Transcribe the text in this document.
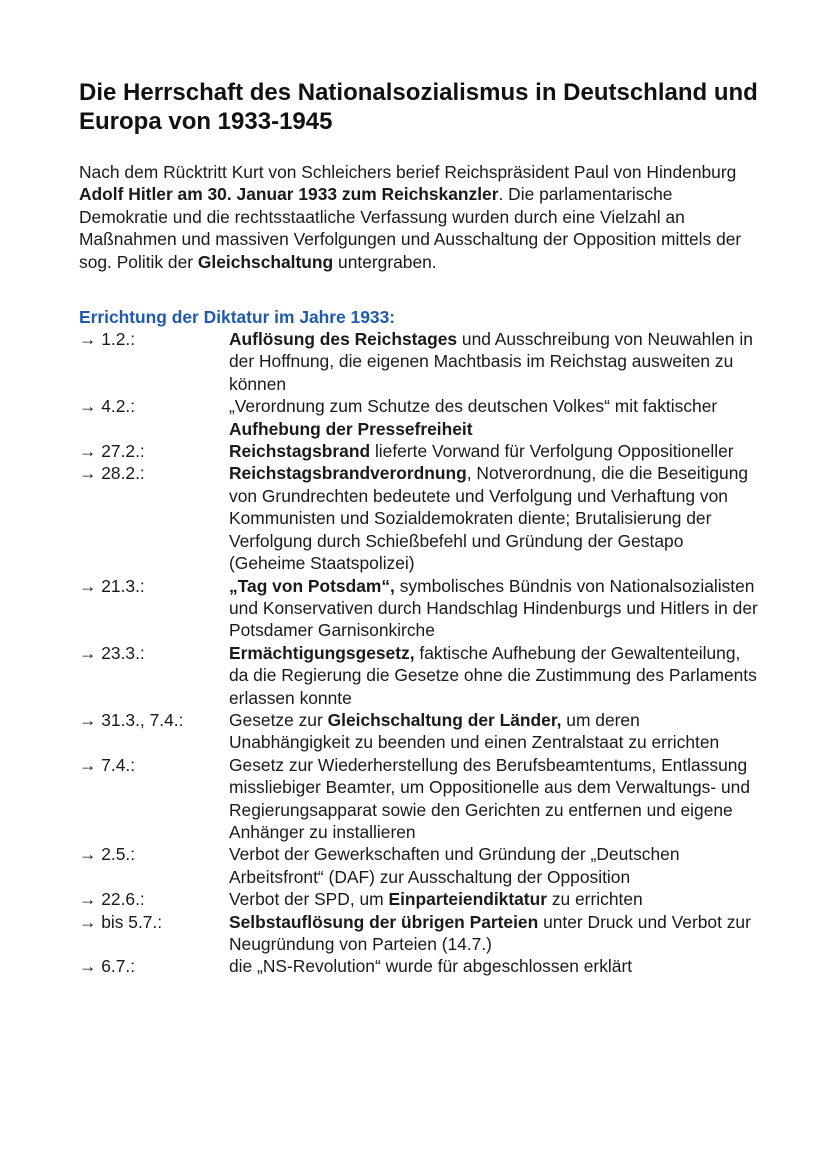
Die Herrschaft des Nationalsozialismus in Deutschland und Europa von 1933-1945

Nach dem Rücktritt Kurt von Schleichers berief Reichspräsident Paul von Hindenburg Adolf Hitler am 30. Januar 1933 zum Reichskanzler. Die parlamentarische Demokratie und die rechtsstaatliche Verfassung wurden durch eine Vielzahl an Maßnahmen und massiven Verfolgungen und Ausschaltung der Opposition mittels der sog. Politik der Gleichschaltung untergraben.

Errichtung der Diktatur im Jahre 1933:
→ 1.2.:	Auflösung des Reichstages und Ausschreibung von Neuwahlen in der Hoffnung, die eigenen Machtbasis im Reichstag ausweiten zu können
→ 4.2.:	„Verordnung zum Schutze des deutschen Volkes“ mit faktischer Aufhebung der Pressefreiheit
→ 27.2.:	Reichstagsbrand lieferte Vorwand für Verfolgung Oppositioneller
→ 28.2.:	Reichstagsbrandverordnung, Notverordnung, die die Beseitigung von Grundrechten bedeutete und Verfolgung und Verhaftung von Kommunisten und Sozialdemokraten diente; Brutalisierung der Verfolgung durch Schießbefehl und Gründung der Gestapo (Geheime Staatspolizei)
→ 21.3.:	„Tag von Potsdam“, symbolisches Bündnis von Nationalsozialisten und Konservativen durch Handschlag Hindenburgs und Hitlers in der Potsdamer Garnisonkirche
→ 23.3.:	Ermächtigungsgesetz, faktische Aufhebung der Gewaltenteilung, da die Regierung die Gesetze ohne die Zustimmung des Parlaments erlassen konnte
→ 31.3., 7.4.:	Gesetze zur Gleichschaltung der Länder, um deren Unabhängigkeit zu beenden und einen Zentralstaat zu errichten
→ 7.4.:	Gesetz zur Wiederherstellung des Berufsbeamtentums, Entlassung missliebiger Beamter, um Oppositionelle aus dem Verwaltungs- und Regierungsapparat sowie den Gerichten zu entfernen und eigene Anhänger zu installieren
→ 2.5.:	Verbot der Gewerkschaften und Gründung der „Deutschen Arbeitsfront“ (DAF) zur Ausschaltung der Opposition
→ 22.6.:	Verbot der SPD, um Einparteiendiktatur zu errichten
→ bis 5.7.:	Selbstauflösung der übrigen Parteien unter Druck und Verbot zur Neugründung von Parteien (14.7.)
→ 6.7.:	die „NS-Revolution“ wurde für abgeschlossen erklärt
